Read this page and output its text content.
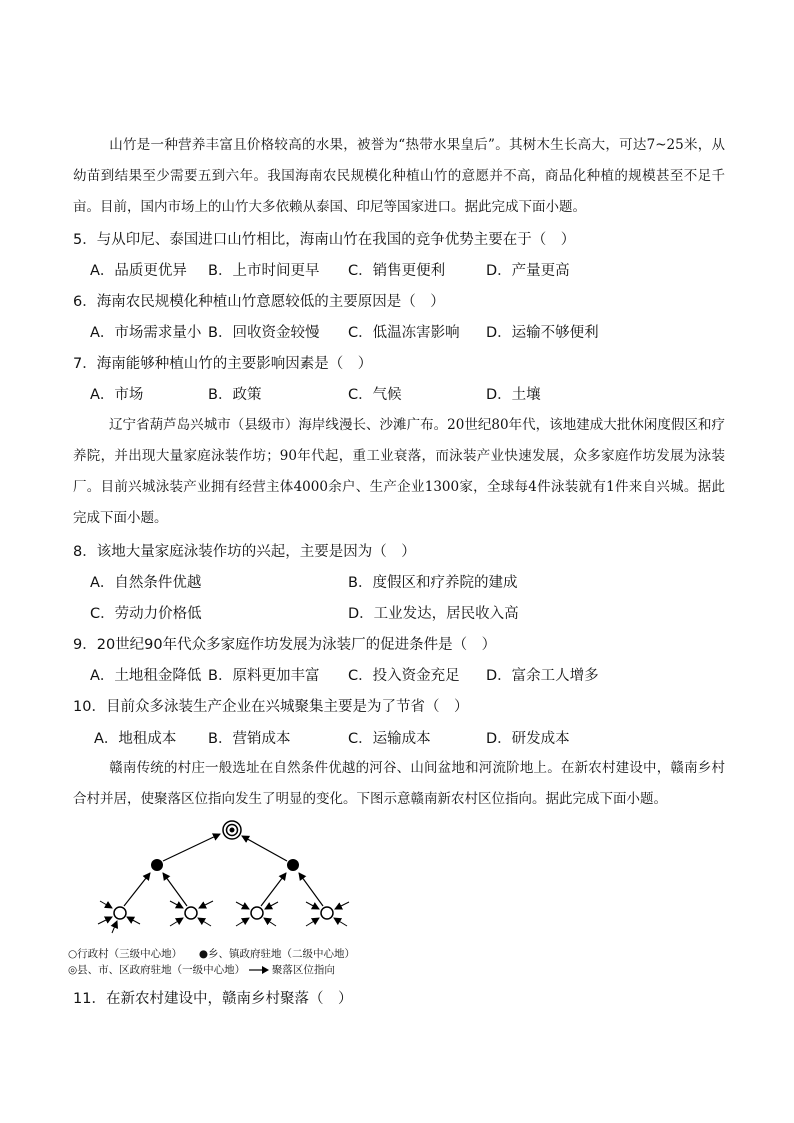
山竹是一种营养丰富且价格较高的水果，被誉为“热带水果皇后”。其树木生长高大，可达7~25米，从幼苗到结果至少需要五到六年。我国海南农民规模化种植山竹的意愿并不高，商品化种植的规模甚至不足千亩。目前，国内市场上的山竹大多依赖从泰国、印尼等国家进口。据此完成下面小题。
5．与从印尼、泰国进口山竹相比，海南山竹在我国的竞争优势主要在于（　）
A．品质更优异 B．上市时间更早 C．销售更便利	D．产量更高
6．海南农民规模化种植山竹意愿较低的主要原因是（　）
A．市场需求量小 B．回收资金较慢 C．低温冻害影响 D．运输不够便利
7．海南能够种植山竹的主要影响因素是（　）
A．市场	B．政策	C．气候	D．土壤
辽宁省葫芦岛兴城市（县级市）海岸线漫长、沙滩广布。20世纪80年代，该地建成大批休闲度假区和疗养院，并出现大量家庭泳装作坊；90年代起，重工业衰落，而泳装产业快速发展，众多家庭作坊发展为泳装厂。目前兴城泳装产业拥有经营主体4000余户、生产企业1300家，全球每4件泳装就有1件来自兴城。据此完成下面小题。
8．该地大量家庭泳装作坊的兴起，主要是因为（　）
A．自然条件优越	B．度假区和疗养院的建成
C．劳动力价格低	D．工业发达，居民收入高
9．20世纪90年代众多家庭作坊发展为泳装厂的促进条件是（　）
A．土地租金降低 B．原料更加丰富 C．投入资金充足 D．富余工人增多
10．目前众多泳装生产企业在兴城聚集主要是为了节省（　）
A．地租成本 B．营销成本	C．运输成本	D．研发成本
赣南传统的村庄一般选址在自然条件优越的河谷、山间盆地和河流阶地上。在新农村建设中，赣南乡村合村并居，使聚落区位指向发生了明显的变化。下图示意赣南新农村区位指向。据此完成下面小题。
○行政村（三级中心地） ●乡、镇政府驻地（二级中心地）
◎县、市、区政府驻地（一级中心地）	聚落区位指向
11．在新农村建设中，赣南乡村聚落（　）
